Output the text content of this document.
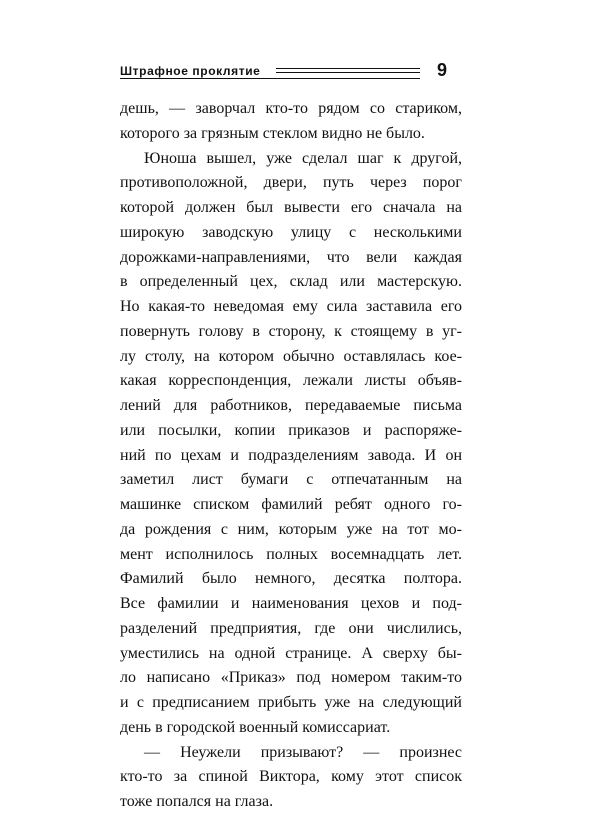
Штрафное проклятие	9
дешь, — заворчал кто-то рядом со стариком,
которого за грязным стеклом видно не было.
Юноша вышел, уже сделал шаг к другой,
противоположной, двери, путь через порог
которой должен был вывести его сначала на
широкую заводскую улицу с несколькими
дорожками-направлениями, что вели каждая
в определенный цех, склад или мастерскую.
Но какая-то неведомая ему сила заставила его
повернуть голову в сторону, к стоящему в уг-
лу столу, на котором обычно оставлялась кое-
какая корреспонденция, лежали листы объяв-
лений для работников, передаваемые письма
или посылки, копии приказов и распоряже-
ний по цехам и подразделениям завода. И он
заметил лист бумаги с отпечатанным на
машинке списком фамилий ребят одного го-
да рождения с ним, которым уже на тот мо-
мент исполнилось полных восемнадцать лет.
Фамилий было немного, десятка полтора.
Все фамилии и наименования цехов и под-
разделений предприятия, где они числились,
уместились на одной странице. А сверху бы-
ло написано «Приказ» под номером таким-то
и с предписанием прибыть уже на следующий
день в городской военный комиссариат.
— Неужели призывают? — произнес
кто-то за спиной Виктора, кому этот список
тоже попался на глаза.
